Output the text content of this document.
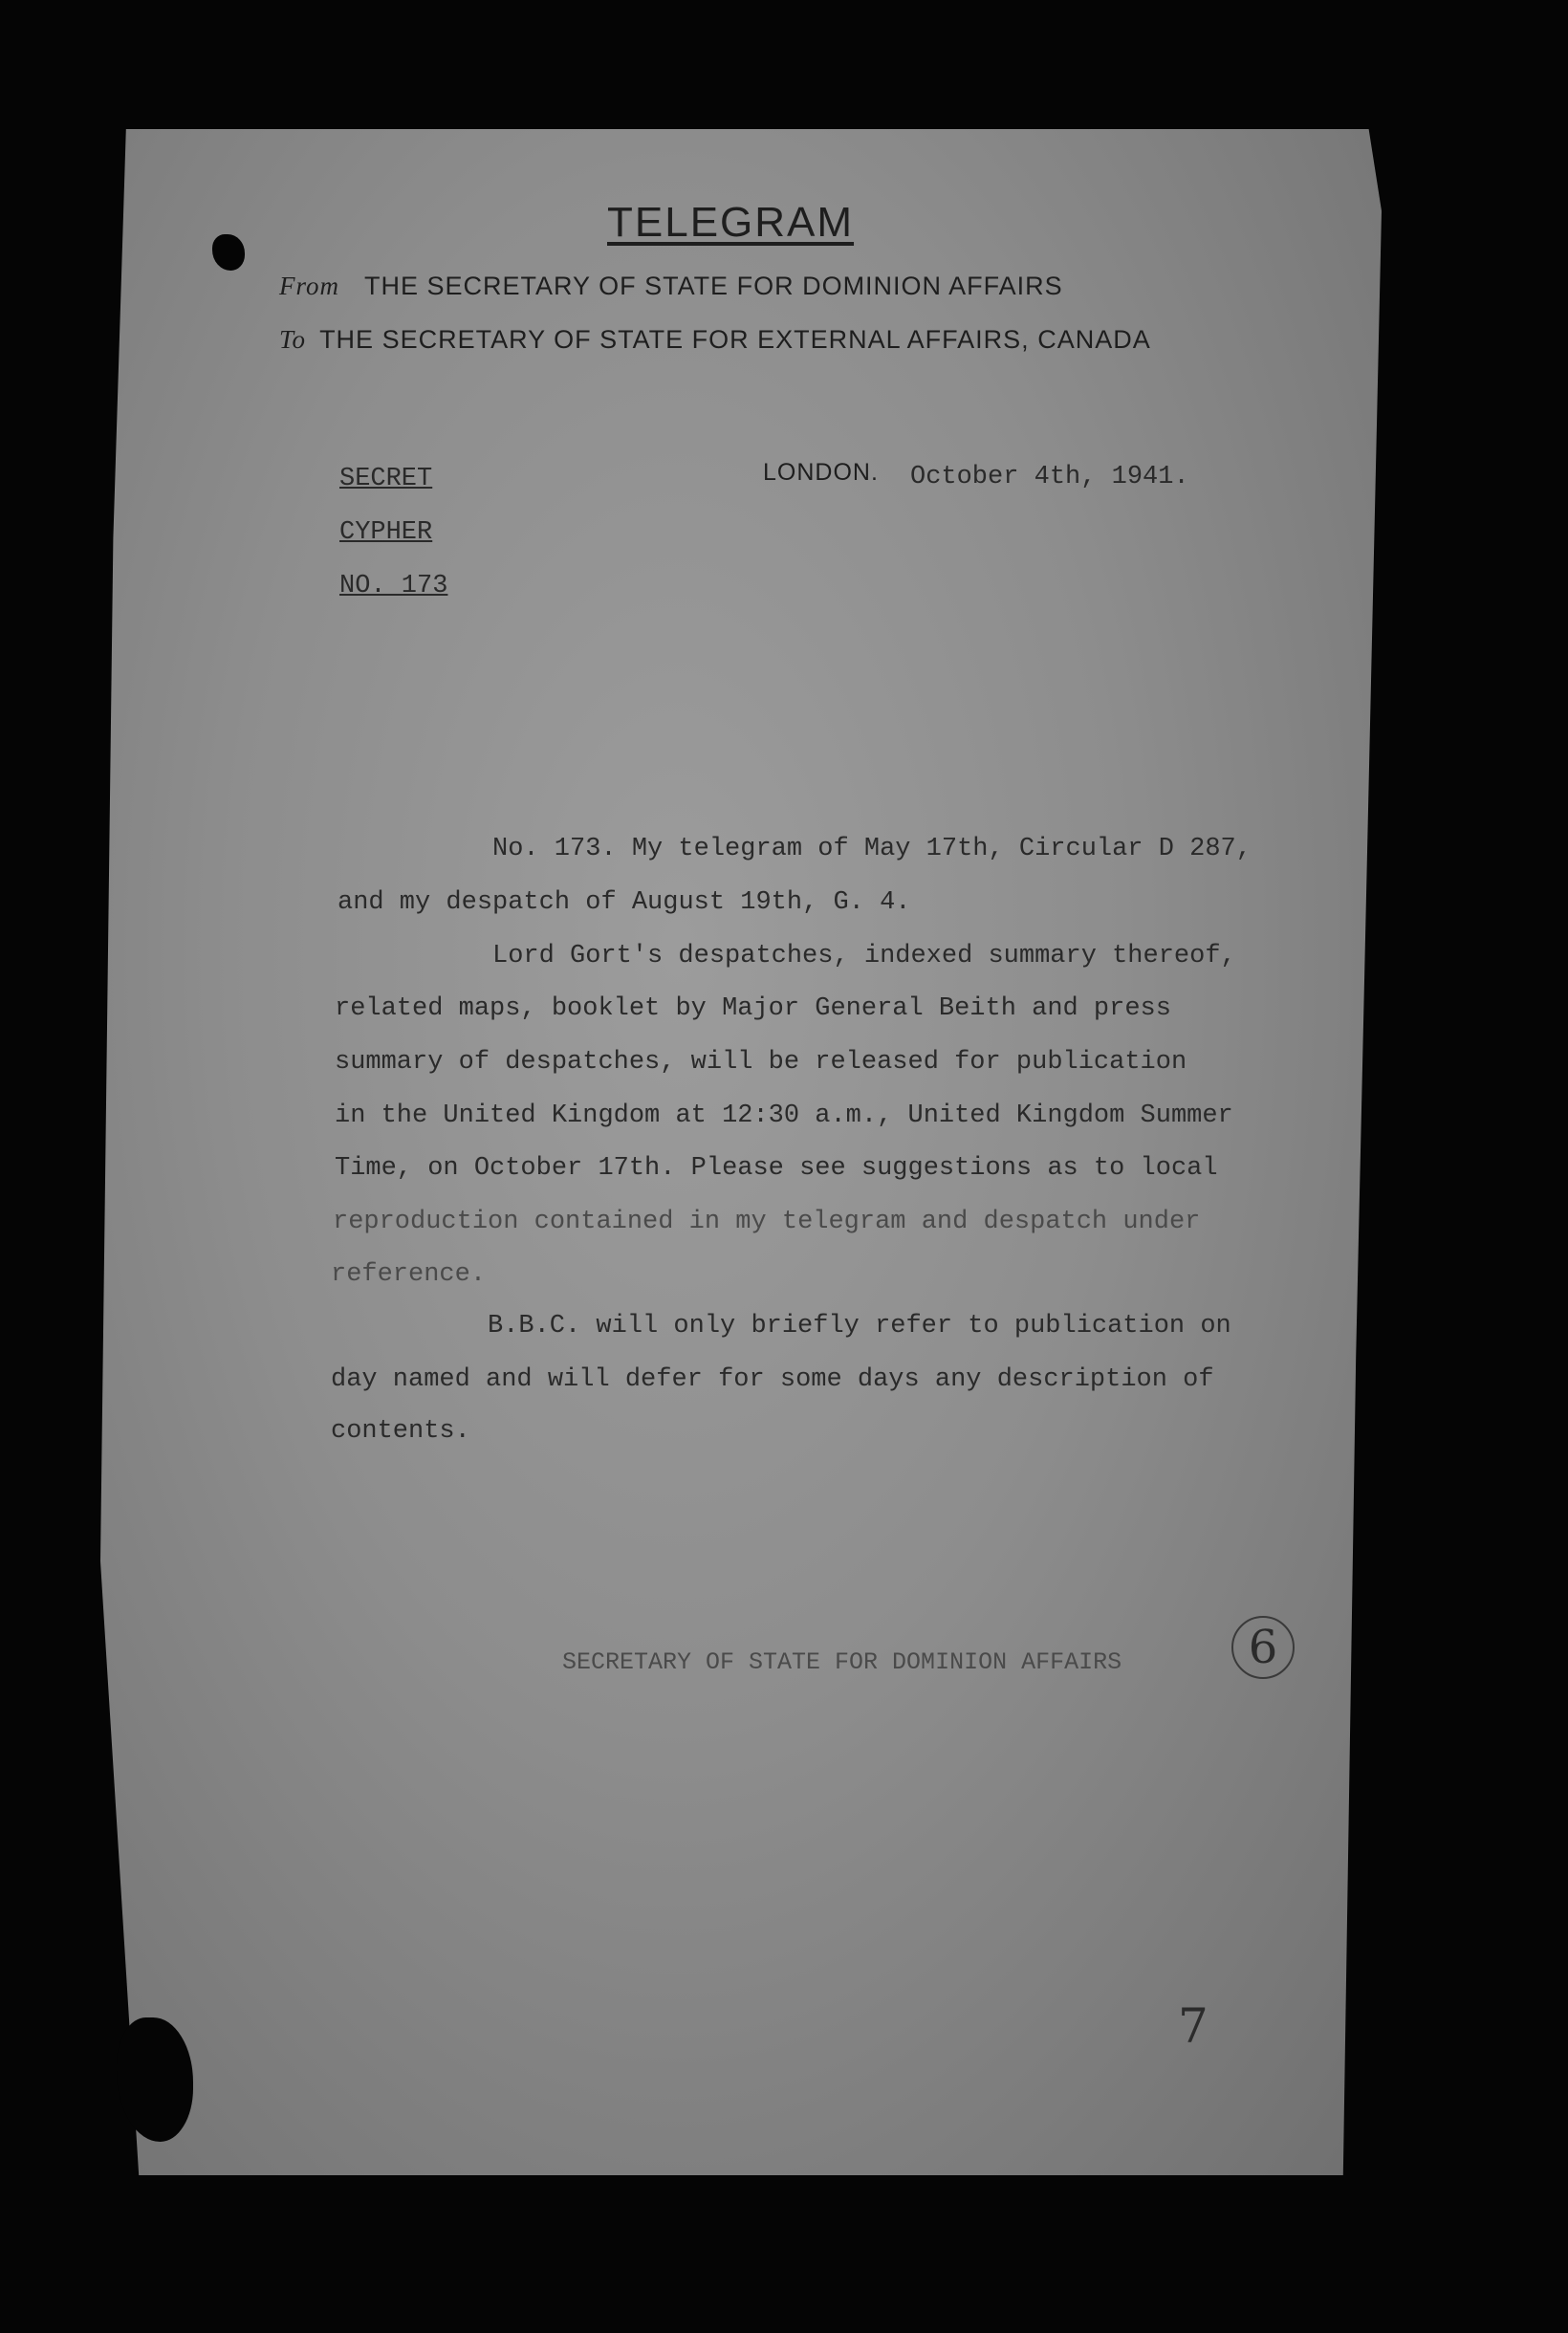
TELEGRAM
From THE SECRETARY OF STATE FOR DOMINION AFFAIRS
To THE SECRETARY OF STATE FOR EXTERNAL AFFAIRS, CANADA
SECRET
CYPHER
NO. 173
LONDON. October 4th, 1941.
No. 173. My telegram of May 17th, Circular D 287,
and my despatch of August 19th, G. 4.
Lord Gort's despatches, indexed summary thereof,
related maps, booklet by Major General Beith and press
summary of despatches, will be released for publication
in the United Kingdom at 12:30 a.m., United Kingdom Summer
Time, on October 17th. Please see suggestions as to local
reproduction contained in my telegram and despatch under
reference.
B.B.C. will only briefly refer to publication on
day named and will defer for some days any description of
contents.
SECRETARY OF STATE FOR DOMINION AFFAIRS	6
7
